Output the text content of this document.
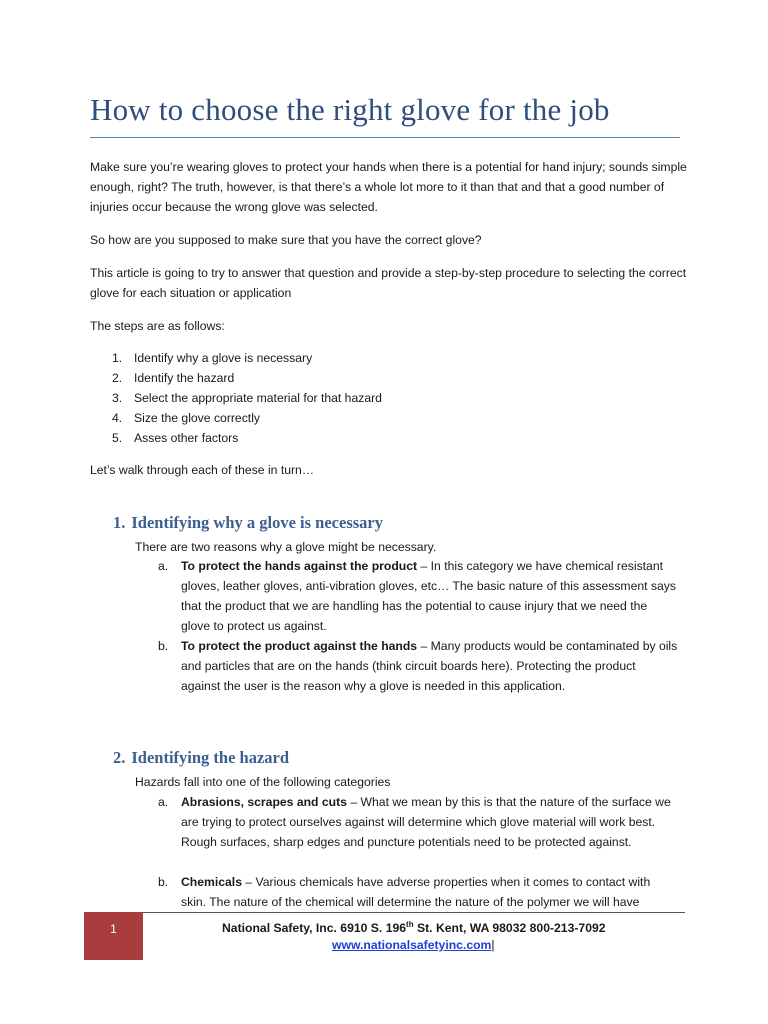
How to choose the right glove for the job

Make sure you’re wearing gloves to protect your hands when there is a potential for hand injury; sounds simple enough, right? The truth, however, is that there’s a whole lot more to it than that and that a good number of injuries occur because the wrong glove was selected.

So how are you supposed to make sure that you have the correct glove?

This article is going to try to answer that question and provide a step-by-step procedure to selecting the correct glove for each situation or application

The steps are as follows:

1. Identify why a glove is necessary
2. Identify the hazard
3. Select the appropriate material for that hazard
4. Size the glove correctly
5. Asses other factors

Let’s walk through each of these in turn…

1. Identifying why a glove is necessary
There are two reasons why a glove might be necessary.
a.	To protect the hands against the product – In this category we have chemical resistant gloves, leather gloves, anti-vibration gloves, etc… The basic nature of this assessment says that the product that we are handling has the potential to cause injury that we need the glove to protect us against.
b.	To protect the product against the hands – Many products would be contaminated by oils and particles that are on the hands (think circuit boards here). Protecting the product against the user is the reason why a glove is needed in this application.
2. Identifying the hazard
Hazards fall into one of the following categories
a.	Abrasions, scrapes and cuts – What we mean by this is that the nature of the surface we are trying to protect ourselves against will determine which glove material will work best. Rough surfaces, sharp edges and puncture potentials need to be protected against.
b.	Chemicals – Various chemicals have adverse properties when it comes to contact with skin. The nature of the chemical will determine the nature of the polymer we will have
1	National Safety, Inc. 6910 S. 196th St. Kent, WA 98032 800-213-7092
www.nationalsafetyinc.com|
